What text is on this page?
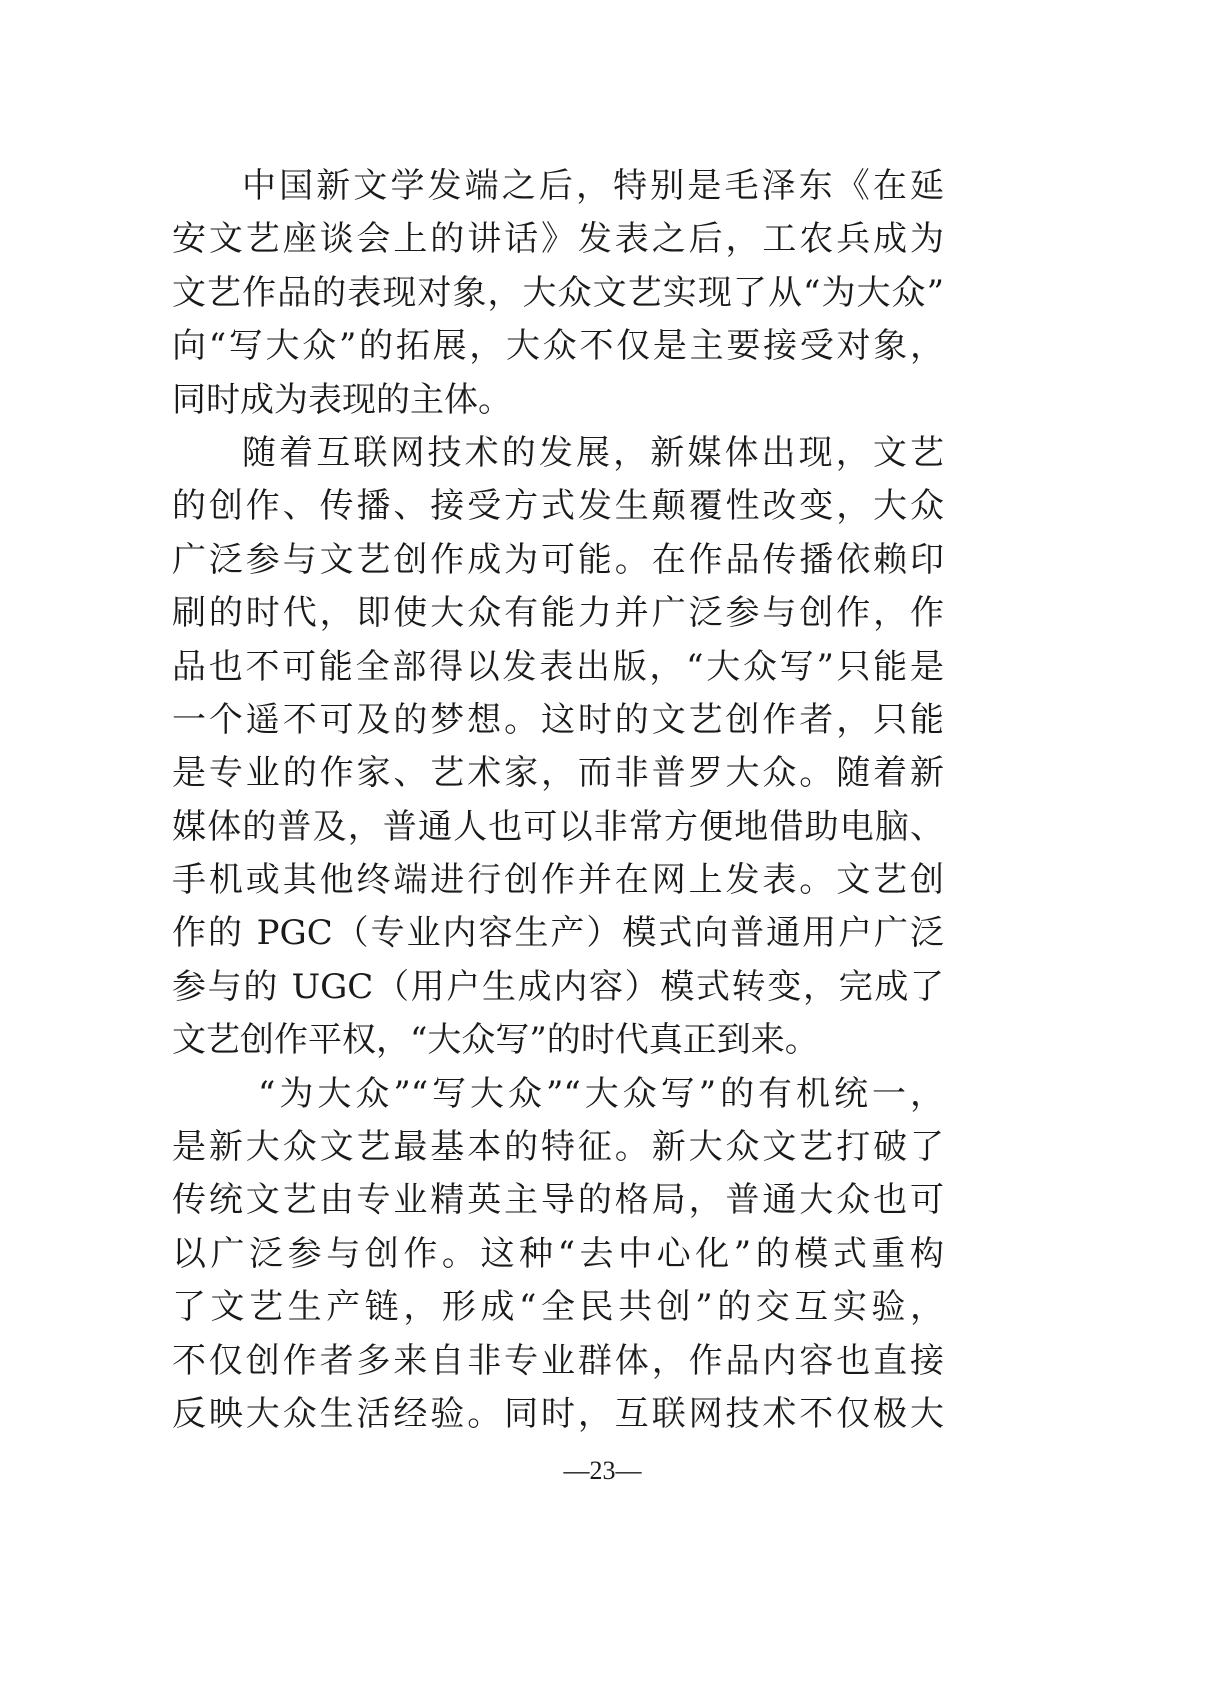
中国新文学发端之后，特别是毛泽东《在延
安文艺座谈会上的讲话》发表之后，工农兵成为
文艺作品的表现对象，大众文艺实现了从“为大众”
向“写大众”的拓展，大众不仅是主要接受对象，
同时成为表现的主体。
随着互联网技术的发展，新媒体出现，文艺
的创作、传播、接受方式发生颠覆性改变，大众
广泛参与文艺创作成为可能。在作品传播依赖印
刷的时代，即使大众有能力并广泛参与创作，作
品也不可能全部得以发表出版，“大众写”只能是
一个遥不可及的梦想。这时的文艺创作者，只能
是专业的作家、艺术家，而非普罗大众。随着新
媒体的普及，普通人也可以非常方便地借助电脑、
手机或其他终端进行创作并在网上发表。文艺创
作的 PGC（专业内容生产）模式向普通用户广泛
参与的 UGC（用户生成内容）模式转变，完成了
文艺创作平权，“大众写”的时代真正到来。
“为大众”“写大众”“大众写”的有机统一，
是新大众文艺最基本的特征。新大众文艺打破了
传统文艺由专业精英主导的格局，普通大众也可
以广泛参与创作。这种“去中心化”的模式重构
了文艺生产链，形成“全民共创”的交互实验，
不仅创作者多来自非专业群体，作品内容也直接
反映大众生活经验。同时，互联网技术不仅极大
—23—
